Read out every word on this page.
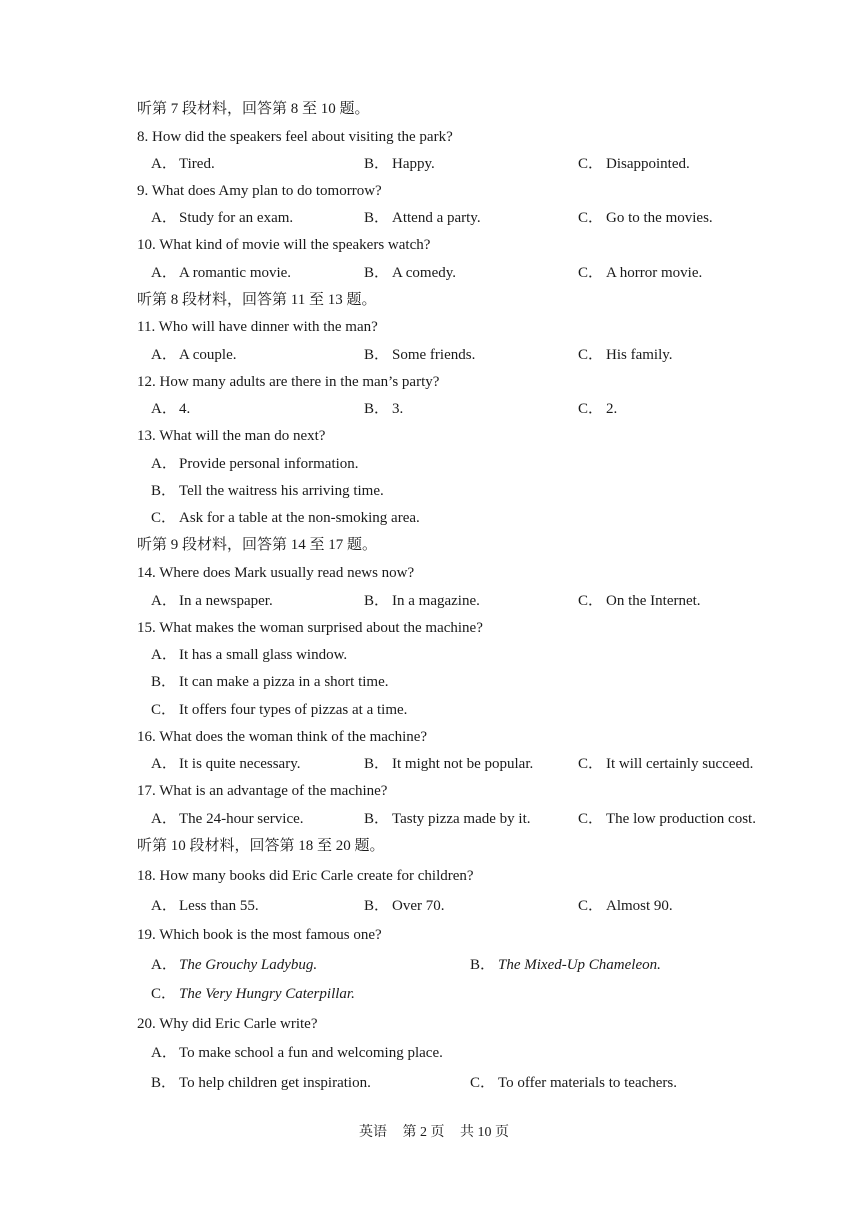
听第 7 段材料，回答第 8 至 10 题。
8. How did the speakers feel about visiting the park?
A． Tired.	B． Happy.	C． Disappointed.
9. What does Amy plan to do tomorrow?
A． Study for an exam.	B． Attend a party.	C． Go to the movies.
10. What kind of movie will the speakers watch?
A． A romantic movie.	B． A comedy.	C． A horror movie.
听第 8 段材料，回答第 11 至 13 题。
11. Who will have dinner with the man?
A． A couple.	B． Some friends.	C． His family.
12. How many adults are there in the man’s party?
A． 4.	B． 3.	C． 2.
13. What will the man do next?
A． Provide personal information.
B． Tell the waitress his arriving time.
C． Ask for a table at the non-smoking area.
听第 9 段材料，回答第 14 至 17 题。
14. Where does Mark usually read news now?
A． In a newspaper.	B． In a magazine.	C． On the Internet.
15. What makes the woman surprised about the machine?
A． It has a small glass window.
B． It can make a pizza in a short time.
C． It offers four types of pizzas at a time.
16. What does the woman think of the machine?
A． It is quite necessary.	B． It might not be popular.	C． It will certainly succeed.
17. What is an advantage of the machine?
A． The 24-hour service.	B． Tasty pizza made by it.	C． The low production cost.
听第 10 段材料，回答第 18 至 20 题。
18. How many books did Eric Carle create for children?
A． Less than 55.	B． Over 70.	C． Almost 90.
19. Which book is the most famous one?
A． The Grouchy Ladybug.	B． The Mixed-Up Chameleon.
C． The Very Hungry Caterpillar.
20. Why did Eric Carle write?
A． To make school a fun and welcoming place.
B． To help children get inspiration.	C． To offer materials to teachers.
英语 第 2 页 共 10 页
